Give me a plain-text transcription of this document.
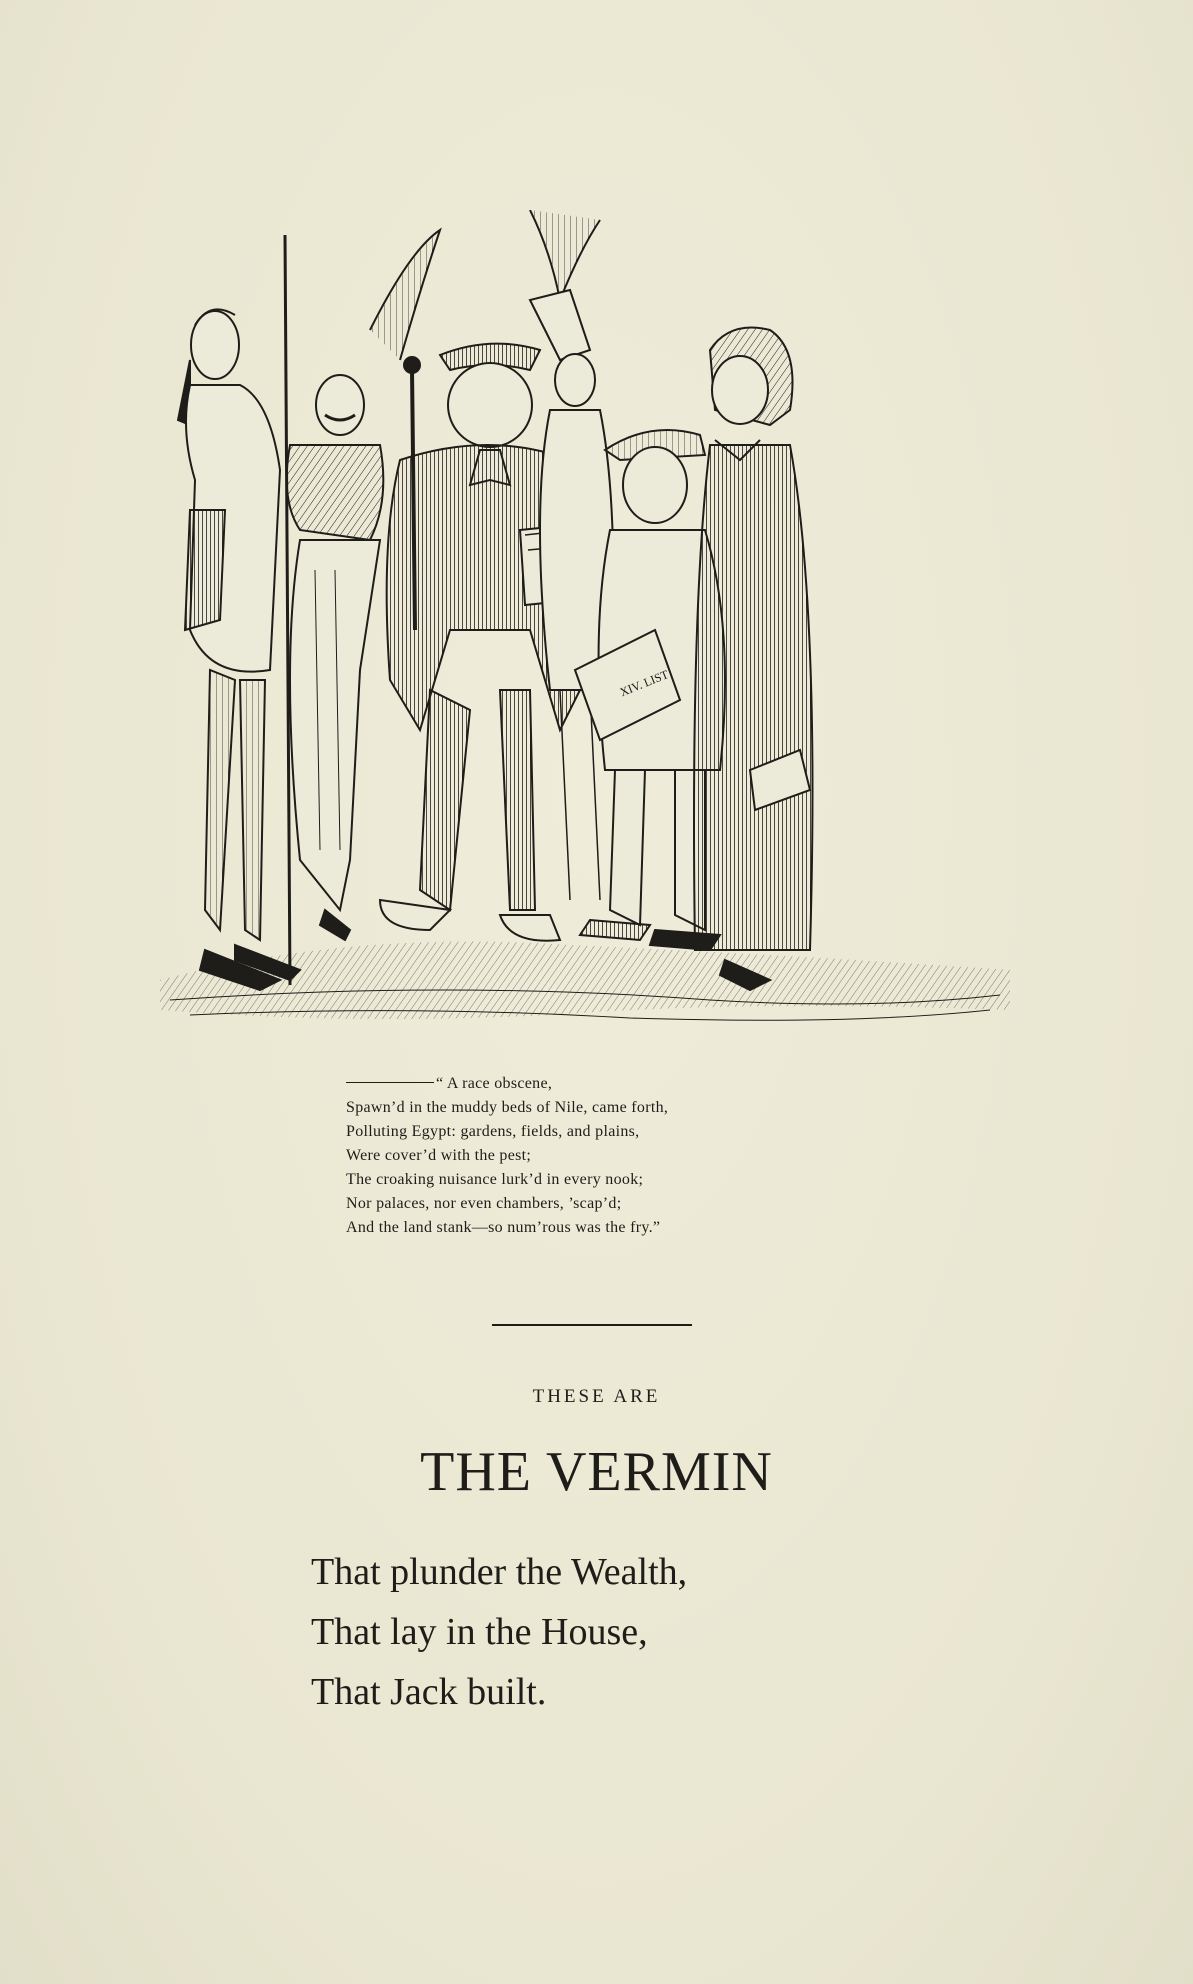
XIV. LIST
“ A race obscene,
Spawn’d in the muddy beds of Nile, came forth,
Polluting Egypt: gardens, fields, and plains,
Were cover’d with the pest;
The croaking nuisance lurk’d in every nook;
Nor palaces, nor even chambers, ’scap’d;
And the land stank—so num’rous was the fry.”
THESE ARE
THE VERMIN
That plunder the Wealth,
That lay in the House,
That Jack built.
